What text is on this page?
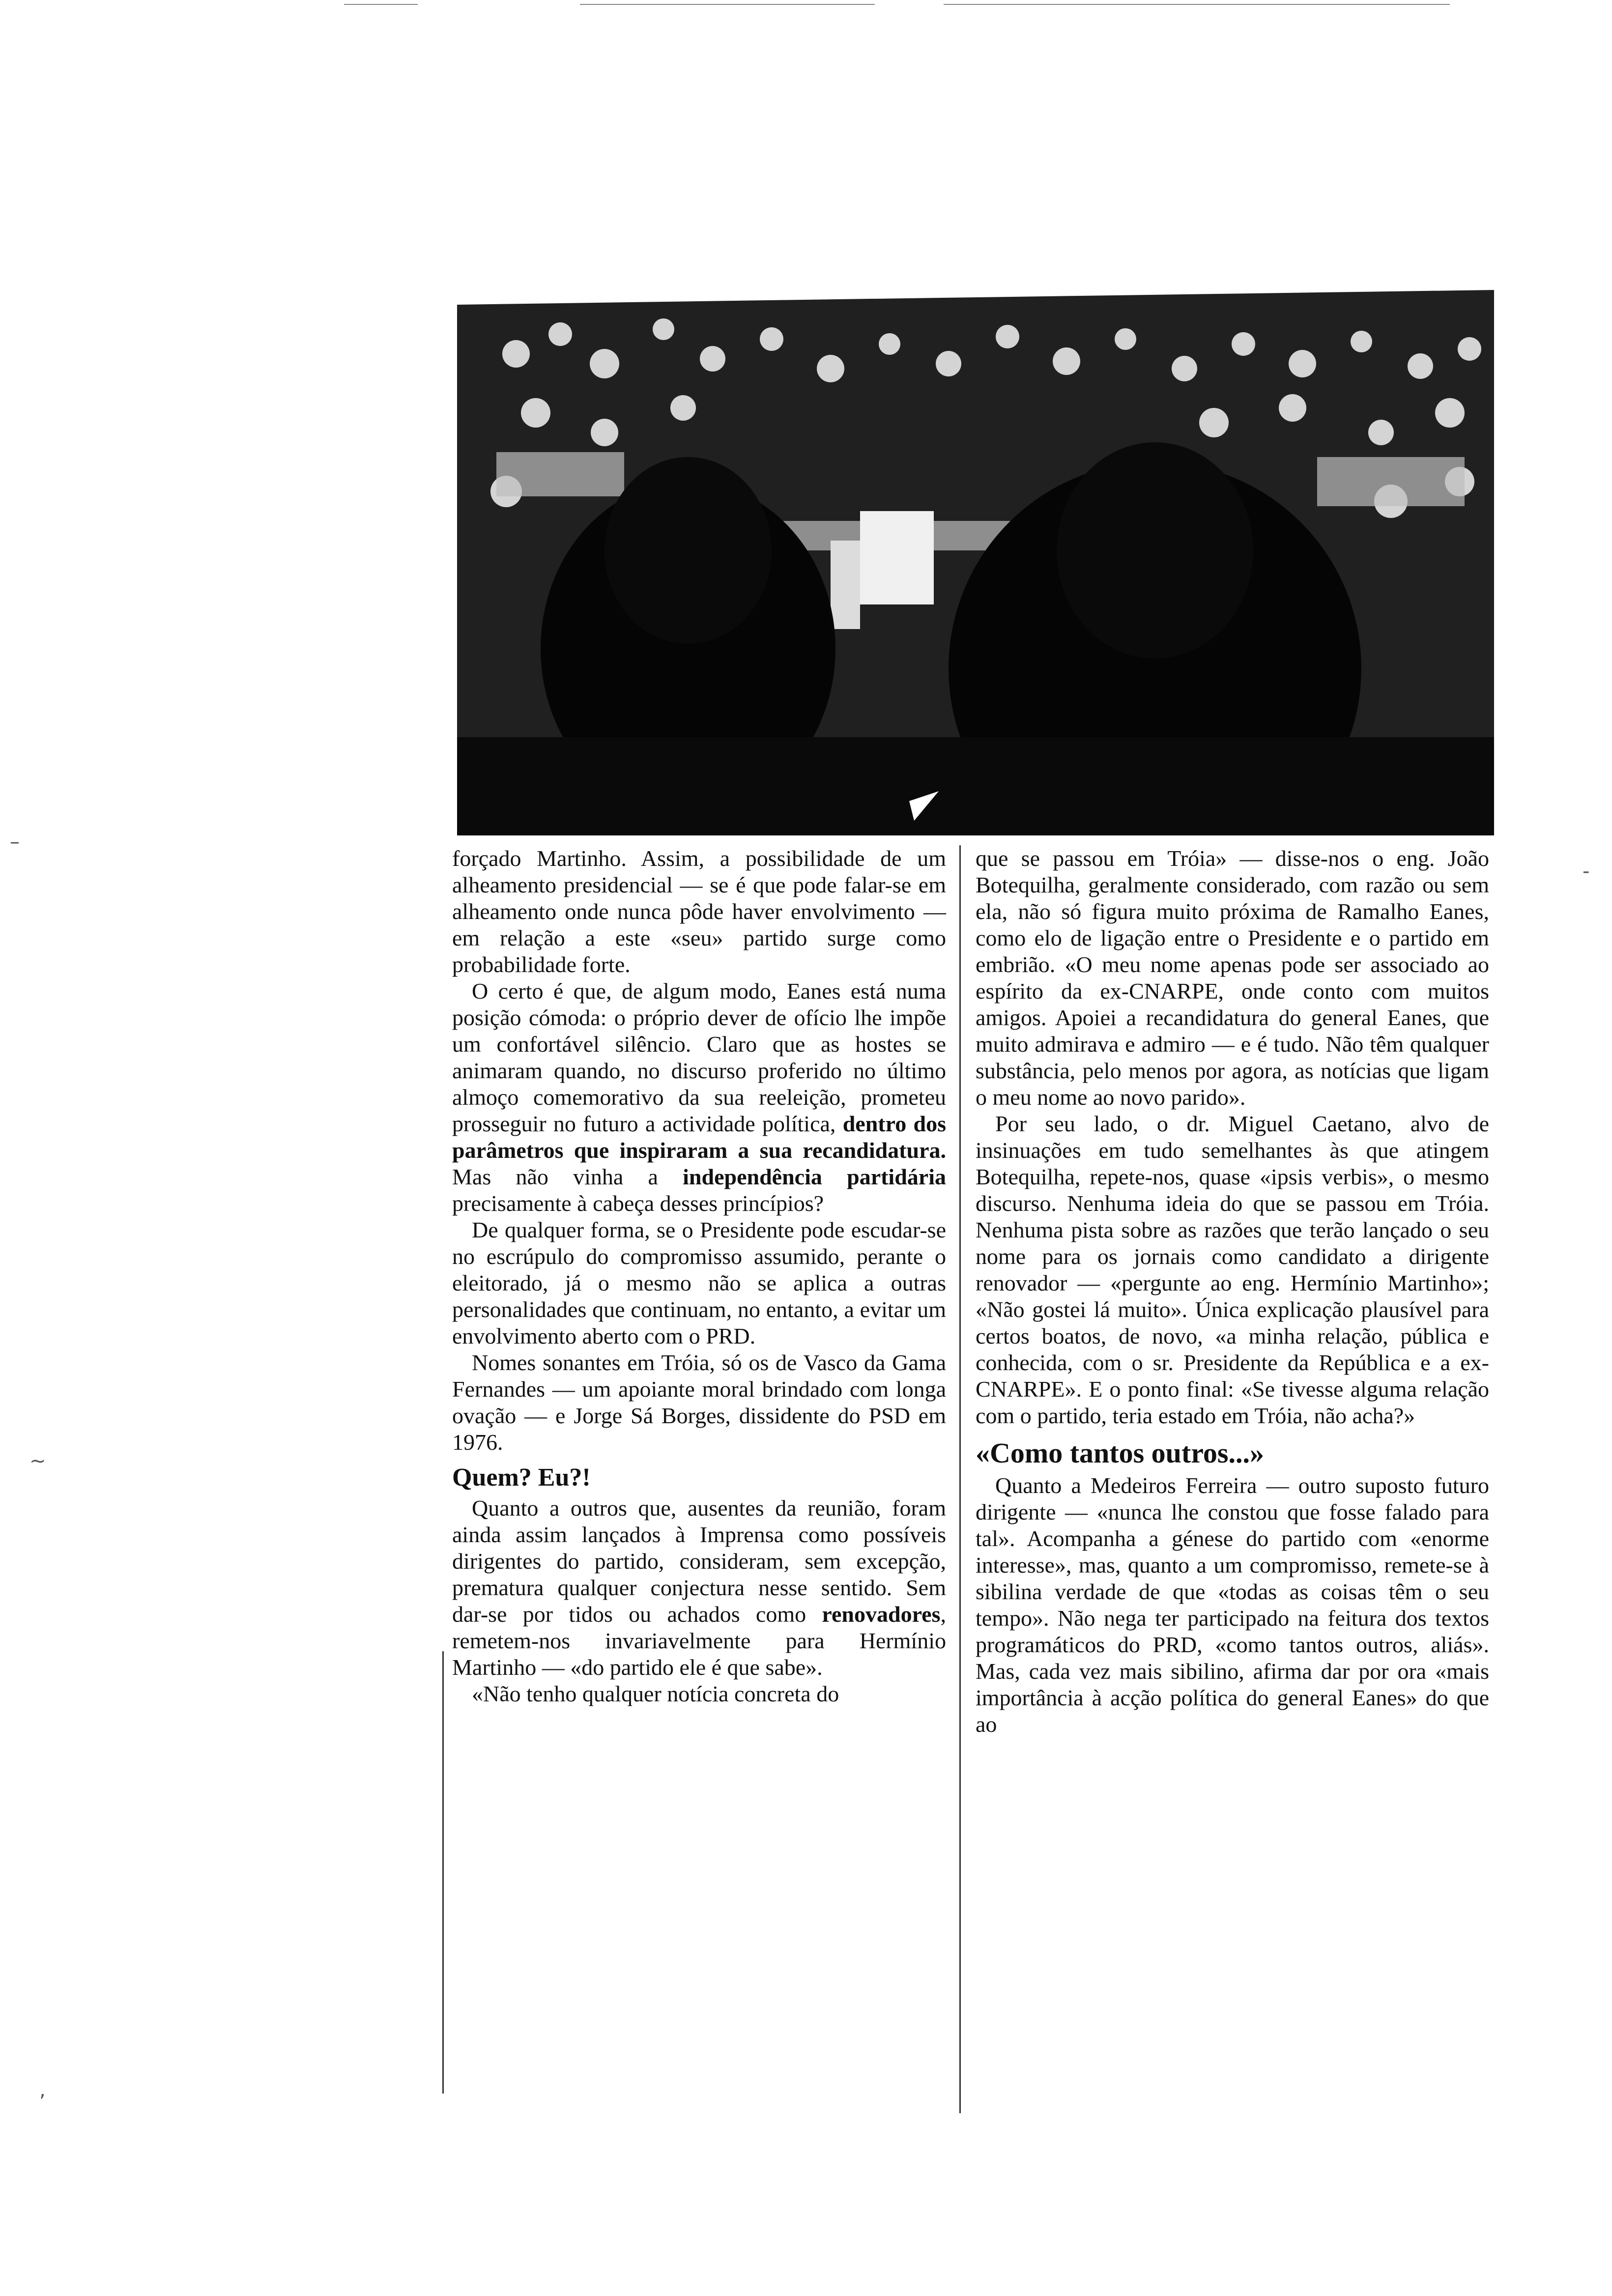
forçado Martinho. Assim, a possibilidade de um alheamento presidencial — se é que pode falar-se em alheamento onde nunca pôde haver envolvimento — em relação a este «seu» partido surge como probabilidade forte.

O certo é que, de algum modo, Eanes está numa posição cómoda: o próprio dever de ofício lhe impõe um confortável silêncio. Claro que as hostes se animaram quando, no discurso proferido no último almoço comemorativo da sua reeleição, prometeu prosseguir no futuro a actividade política, dentro dos parâmetros que inspiraram a sua recandidatura. Mas não vinha a independência partidária precisamente à cabeça desses princípios?

De qualquer forma, se o Presidente pode escudar-se no escrúpulo do compromisso assumido, perante o eleitorado, já o mesmo não se aplica a outras personalidades que continuam, no entanto, a evitar um envolvimento aberto com o PRD.

Nomes sonantes em Tróia, só os de Vasco da Gama Fernandes — um apoiante moral brindado com longa ovação — e Jorge Sá Borges, dissidente do PSD em 1976.

Quem? Eu?!

Quanto a outros que, ausentes da reunião, foram ainda assim lançados à Imprensa como possíveis dirigentes do partido, consideram, sem excepção, prematura qualquer conjectura nesse sentido. Sem dar-se por tidos ou achados como renovadores, remetem-nos invariavelmente para Hermínio Martinho — «do partido ele é que sabe».

«Não tenho qualquer notícia concreta do

que se passou em Tróia» — disse-nos o eng. João Botequilha, geralmente considerado, com razão ou sem ela, não só figura muito próxima de Ramalho Eanes, como elo de ligação entre o Presidente e o partido em embrião. «O meu nome apenas pode ser associado ao espírito da ex-CNARPE, onde conto com muitos amigos. Apoiei a recandidatura do general Eanes, que muito admirava e admiro — e é tudo. Não têm qualquer substância, pelo menos por agora, as notícias que ligam o meu nome ao novo parido».

Por seu lado, o dr. Miguel Caetano, alvo de insinuações em tudo semelhantes às que atingem Botequilha, repete-nos, quase «ipsis verbis», o mesmo discurso. Nenhuma ideia do que se passou em Tróia. Nenhuma pista sobre as razões que terão lançado o seu nome para os jornais como candidato a dirigente renovador — «pergunte ao eng. Hermínio Martinho»; «Não gostei lá muito». Única explicação plausível para certos boatos, de novo, «a minha relação, pública e conhecida, com o sr. Presidente da República e a ex-CNARPE». E o ponto final: «Se tivesse alguma relação com o partido, teria estado em Tróia, não acha?»

«Como tantos outros...»

Quanto a Medeiros Ferreira — outro suposto futuro dirigente — «nunca lhe constou que fosse falado para tal». Acompanha a génese do partido com «enorme interesse», mas, quanto a um compromisso, remete-se à sibilina verdade de que «todas as coisas têm o seu tempo». Não nega ter participado na feitura dos textos programáticos do PRD, «como tantos outros, aliás». Mas, cada vez mais sibilino, afirma dar por ora «mais importância à acção política do general Eanes» do que ao

–
-
~
,
